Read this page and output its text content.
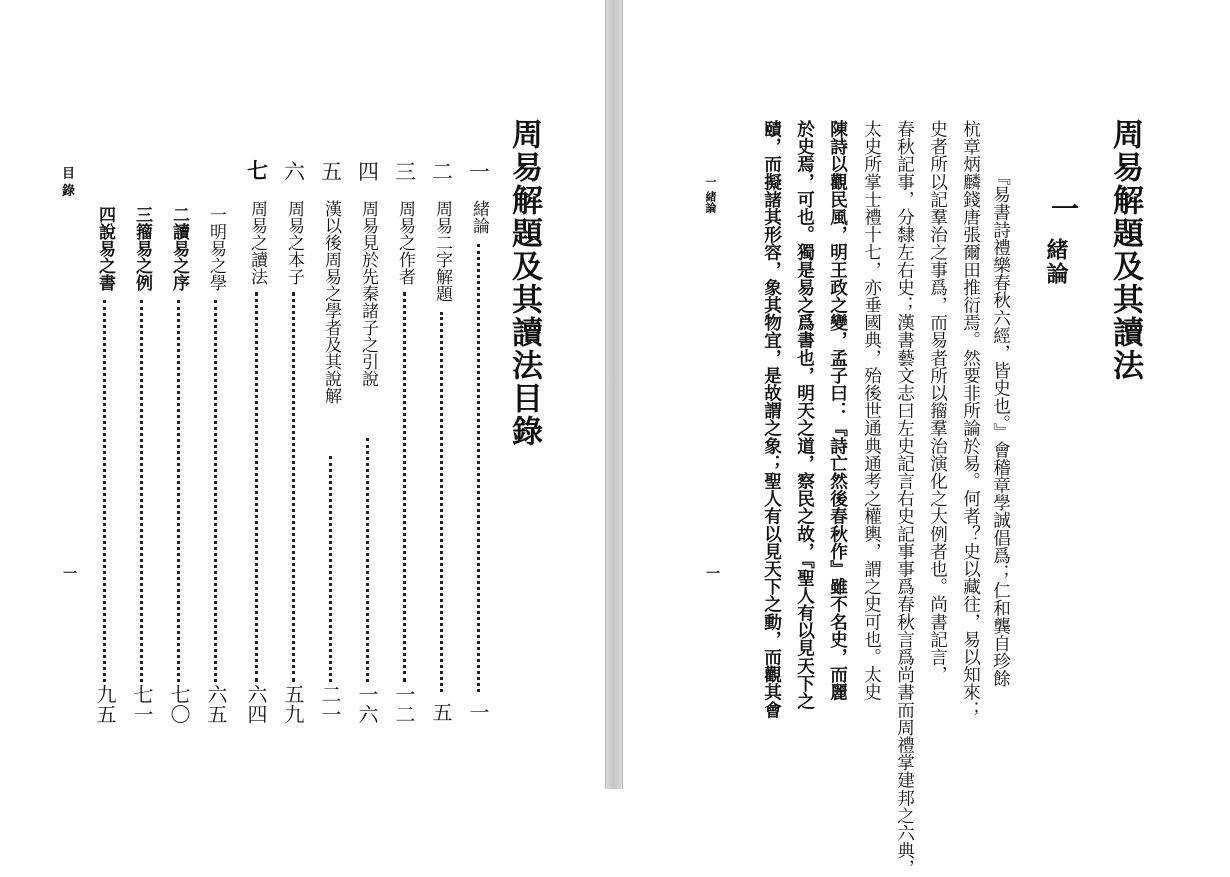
周易解題及其讀法目錄
一
緒論
一
二
周易二字解題
五
三
周易之作者
一二
四
周易見於先秦諸子之引說
一六
五
漢以後周易之學者及其說解
二一
六
周易之本子
五九
七
周易之讀法
六四
一明易之學
六五
二讀易之序
七〇
三籀易之例
七一
四說易之書
九五
目 錄
一
周易解題及其讀法
一
緒論
『易書詩禮樂春秋六經，皆史也。』會稽章學誠倡爲；仁和龔自珍餘
杭章炳麟錢唐張爾田推衍焉。然要非所論於易。何者？史以藏往，易以知來；
史者所以記羣治之事爲，而易者所以籀羣治演化之大例者也。尚書記言，
春秋記事，分隸左右史；漢書藝文志曰左史記言右史記事事爲春秋言爲尚書而周禮掌建邦之六典，
太史所掌士禮十七，亦垂國典，殆後世通典通考之權輿，謂之史可也。太史
陳詩以觀民風，明王政之變，孟子曰：『詩亡然後春秋作』雖不名史，而麗
於史焉，可也。獨是易之爲書也，明天之道，察民之故，『聖人有以見天下之
賾，而擬諸其形容，象其物宜，是故謂之象；聖人有以見天下之動，而觀其會
一 緒論
一
